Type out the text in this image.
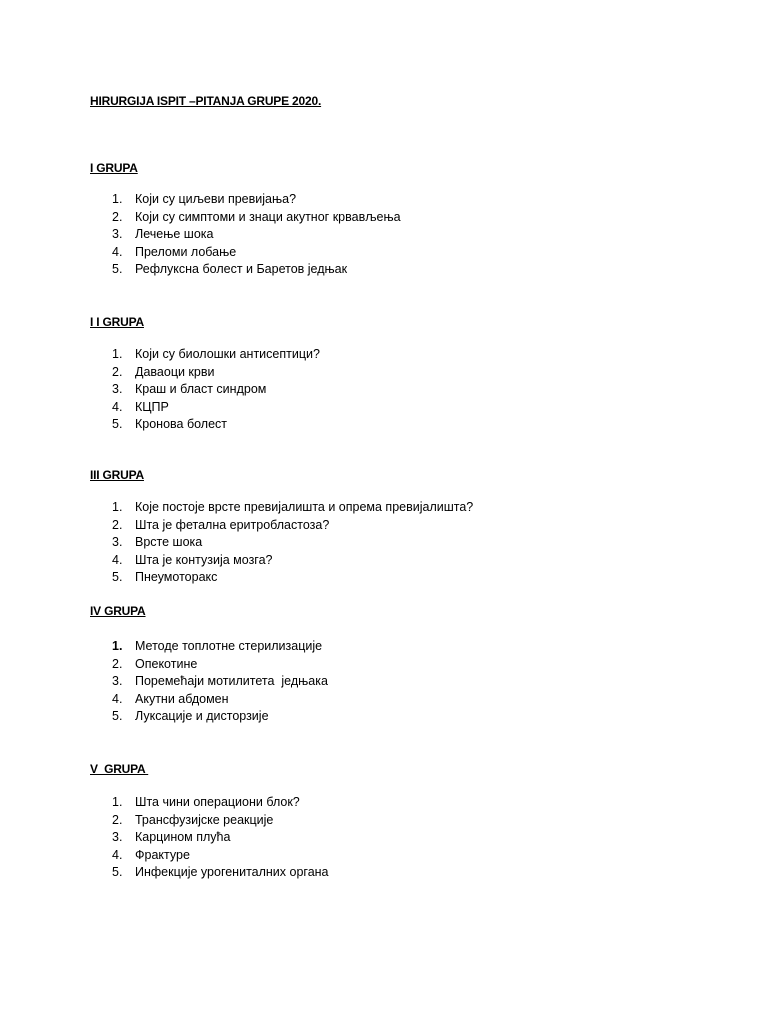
HIRURGIJA ISPIT –PITANJA GRUPE 2020.
I GRUPA
1.	Који су циљеви превијања?
2.	Који су симптоми и знаци акутног крвављења
3.	Лечење шока
4.	Преломи лобање
5.	Рефлуксна болест и Баретов једњак
I I GRUPA
1.	Који су биолошки антисептици?
2.	Даваоци крви
3.	Краш и бласт синдром
4.	КЦПР
5.	Кронова болест
III GRUPA
1.	Које постоје врсте превијалишта и опрема превијалишта?
2.	Шта је фетална еритробластоза?
3.	Врсте шока
4.	Шта је контузија мозга?
5.	Пнеумоторакс
IV GRUPA
1.	Методе топлотне стерилизације
2.	Опекотине
3.	Поремећаји мотилитета  једњака
4.	Акутни абдомен
5.	Луксације и дисторзије
V  GRUPA
1.	Шта чини операциони блок?
2.	Трансфузијске реакције
3.	Карцином плућа
4.	Фрактуре
5.	Инфекције урогениталних органа
